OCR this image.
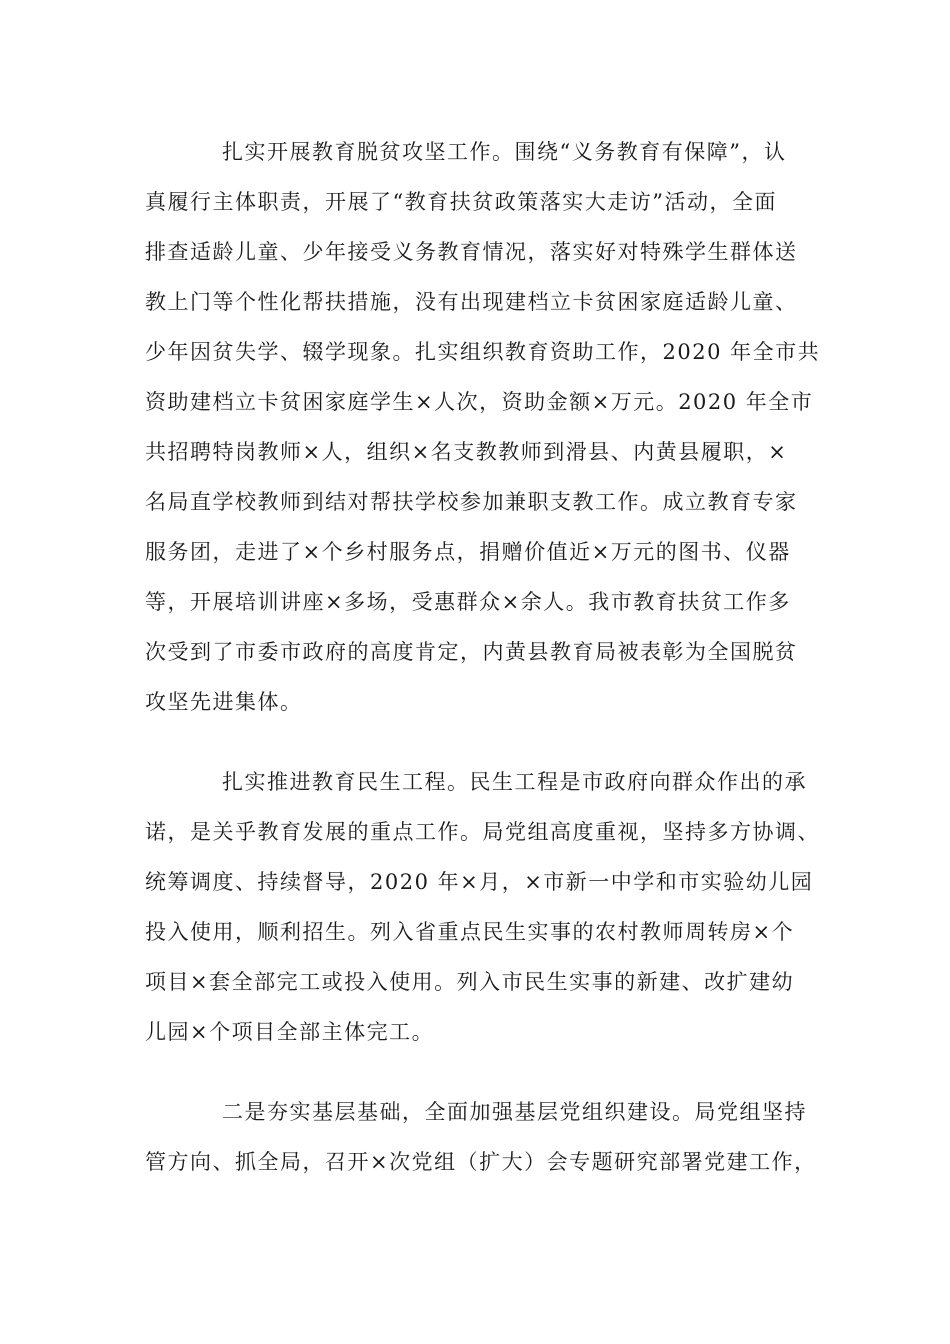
扎实开展教育脱贫攻坚工作。围绕“义务教育有保障”，认
真履行主体职责，开展了“教育扶贫政策落实大走访”活动，全面
排查适龄儿童、少年接受义务教育情况，落实好对特殊学生群体送
教上门等个性化帮扶措施，没有出现建档立卡贫困家庭适龄儿童、
少年因贫失学、辍学现象。扎实组织教育资助工作，2020 年全市共
资助建档立卡贫困家庭学生×人次，资助金额×万元。2020 年全市
共招聘特岗教师×人，组织×名支教教师到滑县、内黄县履职，×
名局直学校教师到结对帮扶学校参加兼职支教工作。成立教育专家
服务团，走进了×个乡村服务点，捐赠价值近×万元的图书、仪器
等，开展培训讲座×多场，受惠群众×余人。我市教育扶贫工作多
次受到了市委市政府的高度肯定，内黄县教育局被表彰为全国脱贫
攻坚先进集体。
扎实推进教育民生工程。民生工程是市政府向群众作出的承
诺，是关乎教育发展的重点工作。局党组高度重视，坚持多方协调、
统筹调度、持续督导，2020 年×月，×市新一中学和市实验幼儿园
投入使用，顺利招生。列入省重点民生实事的农村教师周转房×个
项目×套全部完工或投入使用。列入市民生实事的新建、改扩建幼
儿园×个项目全部主体完工。
二是夯实基层基础，全面加强基层党组织建设。局党组坚持
管方向、抓全局，召开×次党组（扩大）会专题研究部署党建工作，
